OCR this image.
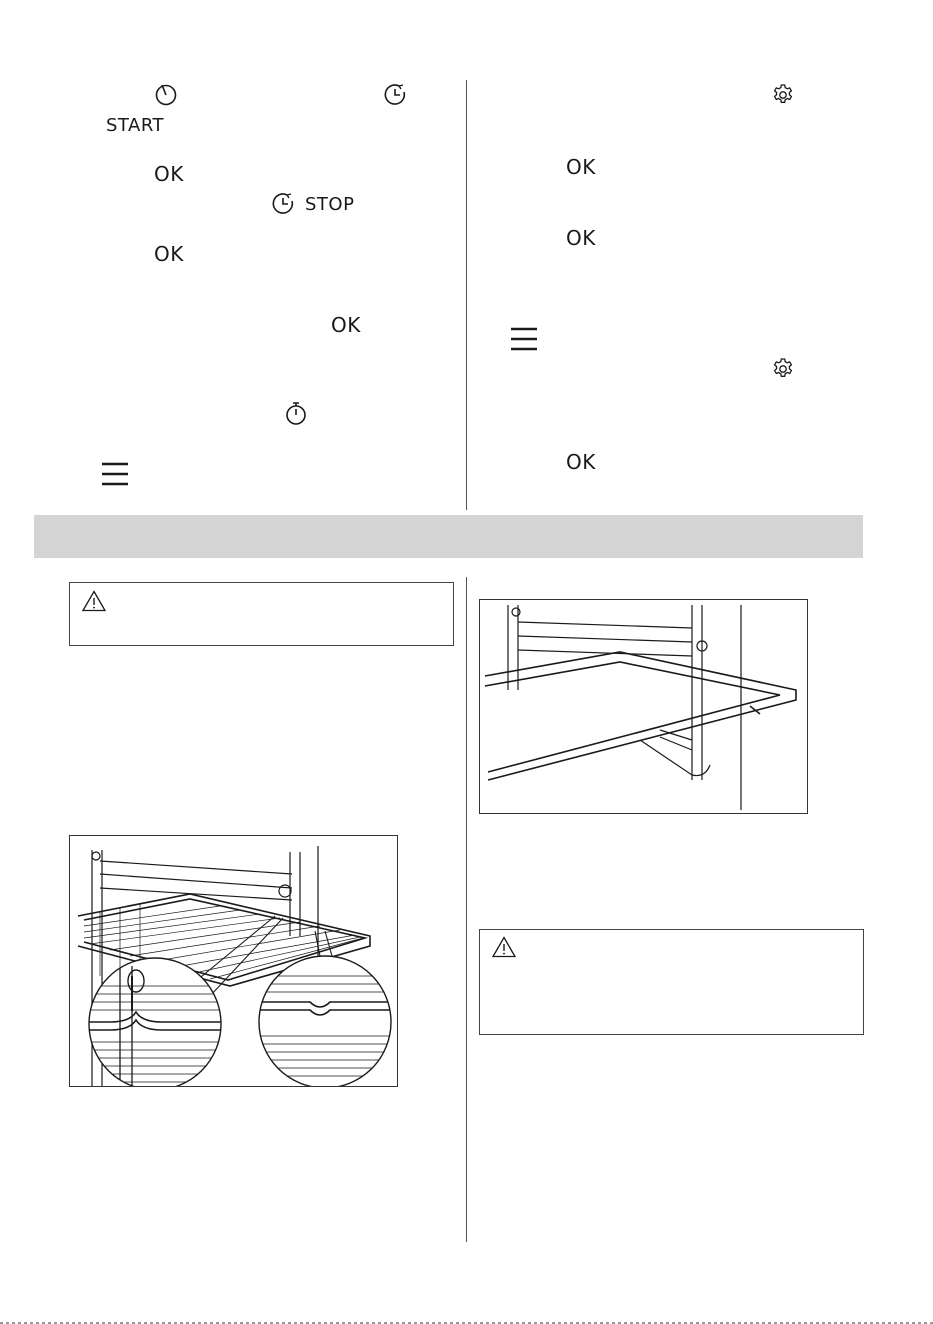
START
OK
STOP
OK
OK
OK
OK
OK
